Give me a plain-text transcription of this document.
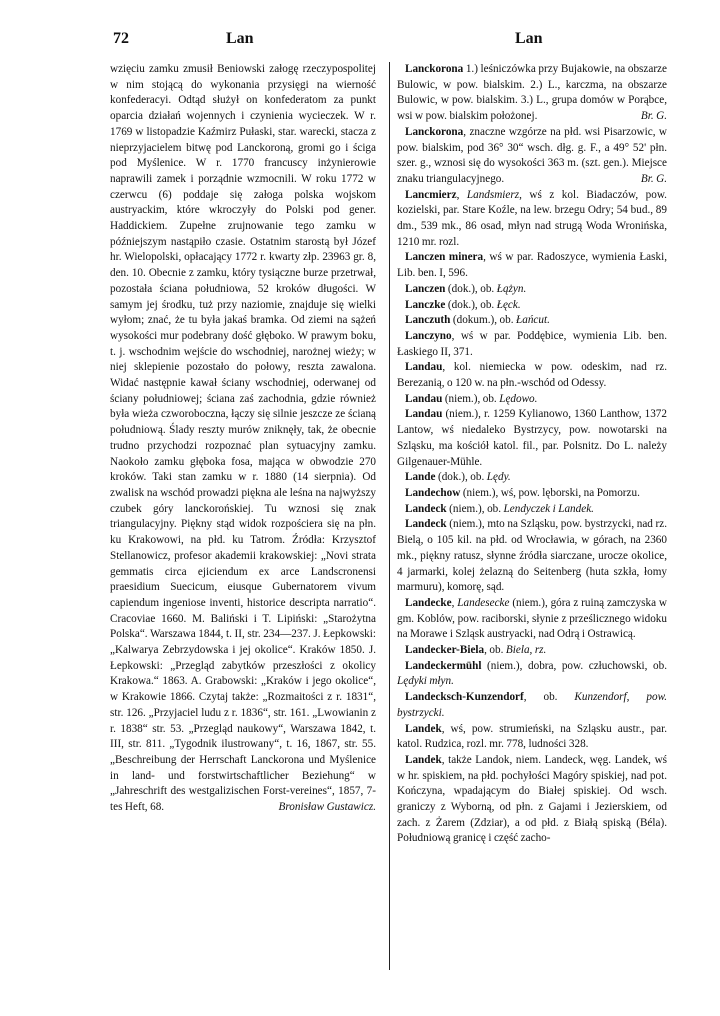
72	Lan	Lan

wzięciu zamku zmusił Beniowski załogę rzeczypospolitej w nim stojącą do wykonania przysięgi na wierność konfederacyi. Odtąd służył on konfederatom za punkt oparcia działań wojennych i czynienia wycieczek. W r. 1769 w listopadzie Kaźmirz Pułaski, star. warecki, stacza z nieprzyjacielem bitwę pod Lanckoroną, gromi go i ściga pod Myślenice. W r. 1770 francuscy inżynierowie naprawili zamek i porządnie wzmocnili. W roku 1772 w czerwcu (6) poddaje się załoga polska wojskom austryackim, które wkroczyły do Polski pod gener. Haddickiem. Zupełne zrujnowanie tego zamku w późniejszym nastąpiło czasie. Ostatnim starostą był Józef hr. Wielopolski, opłacający 1772 r. kwarty złp. 23963 gr. 8, den. 10. Obecnie z zamku, który tysiączne burze przetrwał, pozostała ściana południowa, 52 kroków długości. W samym jej środku, tuż przy naziomie, znajduje się wielki wyłom; znać, że tu była jakaś bramka. Od ziemi na sążeń wysokości mur podebrany dość głęboko. W prawym boku, t. j. wschodnim wejście do wschodniej, narożnej wieży; w niej sklepienie pozostało do połowy, reszta zawalona. Widać następnie kawał ściany wschodniej, oderwanej od ściany południowej; ściana zaś zachodnia, gdzie również była wieża czworoboczna, łączy się silnie jeszcze ze ścianą południową. Ślady reszty murów zniknęły, tak, że obecnie trudno przychodzi rozpoznać plan sytuacyjny zamku. Naokoło zamku głęboka fosa, mająca w obwodzie 270 kroków. Taki stan zamku w r. 1880 (14 sierpnia). Od zwalisk na wschód prowadzi piękna ale leśna na najwyższy czubek góry lanckorońskiej. Tu wznosi się znak triangulacyjny. Piękny stąd widok rozpościera się na płn. ku Krakowowi, na płd. ku Tatrom. Źródła: Krzysztof Stellanowicz, profesor akademii krakowskiej: „Novi strata gemmatis circa ejiciendum ex arce Landscronensi praesidium Suecicum, eiusque Gubernatorem vivum capiendum ingeniose inventi, historice descripta narratio“. Cracoviae 1660. M. Baliński i T. Lipiński: „Starożytna Polska“. Warszawa 1844, t. II, str. 234—237. J. Łepkowski: „Kalwarya Zebrzydowska i jej okolice“. Kraków 1850. J. Łepkowski: „Przegląd zabytków przeszłości z okolicy Krakowa.“ 1863. A. Grabowski: „Kraków i jego okolice“, w Krakowie 1866. Czytaj także: „Rozmaitości z r. 1831“, str. 126. „Przyjaciel ludu z r. 1836“, str. 161. „Lwowianin z r. 1838“ str. 53. „Przegląd naukowy“, Warszawa 1842, t. III, str. 811. „Tygodnik ilustrowany“, t. 16, 1867, str. 55. „Beschreibung der Herrschaft Lanckorona und Myślenice in land- und forstwirtschaftlicher Beziehung“ w „Jahreschrift des westgalizischen Forst-vereines“, 1857, 7-tes Heft, 68.	Bronisław Gustawicz.

Lanckorona 1.) leśniczówka przy Bujakowie, na obszarze Bulowic, w pow. bialskim. 2.) L., karczma, na obszarze Bulowic, w pow. bialskim. 3.) L., grupa domów w Porąbce, wsi w pow. bialskim położonej.	Br. G.

Lanckorona, znaczne wzgórze na płd. wsi Pisarzowic, w pow. bialskim, pod 36° 30“ wsch. dłg. g. F., a 49° 52' płn. szer. g., wznosi się do wysokości 363 m. (szt. gen.). Miejsce znaku triangulacyjnego.	Br. G.

Lancmierz, Landsmierz, wś z kol. Biadaczów, pow. kozielski, par. Stare Koźle, na lew. brzegu Odry; 54 bud., 89 dm., 539 mk., 86 osad, młyn nad strugą Woda Wronińska, 1210 mr. rozl.

Lanczen minera, wś w par. Radoszyce, wymienia Łaski, Lib. ben. I, 596.

Lanczen (dok.), ob. Łążyn.

Lanczke (dok.), ob. Łęck.

Lanczuth (dokum.), ob. Łańcut.

Lanczyno, wś w par. Poddębice, wymienia Lib. ben. Łaskiego II, 371.

Landau, kol. niemiecka w pow. odeskim, nad rz. Berezanią, o 120 w. na płn.-wschód od Odessy.

Landau (niem.), ob. Lędowo.

Landau (niem.), r. 1259 Kylianowo, 1360 Lanthow, 1372 Lantow, wś niedaleko Bystrzycy, pow. nowotarski na Szląsku, ma kościół katol. fil., par. Polsnitz. Do L. należy Gilgenauer-Mühle.

Lande (dok.), ob. Lędy.

Landechow (niem.), wś, pow. lęborski, na Pomorzu.

Landeck (niem.), ob. Lendyczek i Landek.

Landeck (niem.), mto na Szląsku, pow. bystrzycki, nad rz. Bielą, o 105 kil. na płd. od Wrocławia, w górach, na 2360 mk., piękny ratusz, słynne źródła siarczane, urocze okolice, 4 jarmarki, kolej żelazną do Seitenberg (huta szkła, łomy marmuru), komorę, sąd.

Landecke, Landesecke (niem.), góra z ruiną zamczyska w gm. Koblów, pow. raciborski, słynie z prześlicznego widoku na Morawe i Szląsk austryacki, nad Odrą i Ostrawicą.

Landecker-Biela, ob. Biela, rz.

Landeckermühl (niem.), dobra, pow. człuchowski, ob. Lędyki młyn.

Landecksch-Kunzendorf, ob. Kunzendorf, pow. bystrzycki.

Landek, wś, pow. strumieński, na Szląsku austr., par. katol. Rudzica, rozl. mr. 778, ludności 328.

Landek, także Landok, niem. Landeck, węg. Landek, wś w hr. spiskiem, na płd. pochyłości Magóry spiskiej, nad pot. Kończyna, wpadającym do Białej spiskiej. Od wsch. graniczy z Wyborną, od płn. z Gajami i Jezierskiem, od zach. z Żarem (Zdziar), a od płd. z Białą spiską (Béla). Południową granicę i część zacho-
